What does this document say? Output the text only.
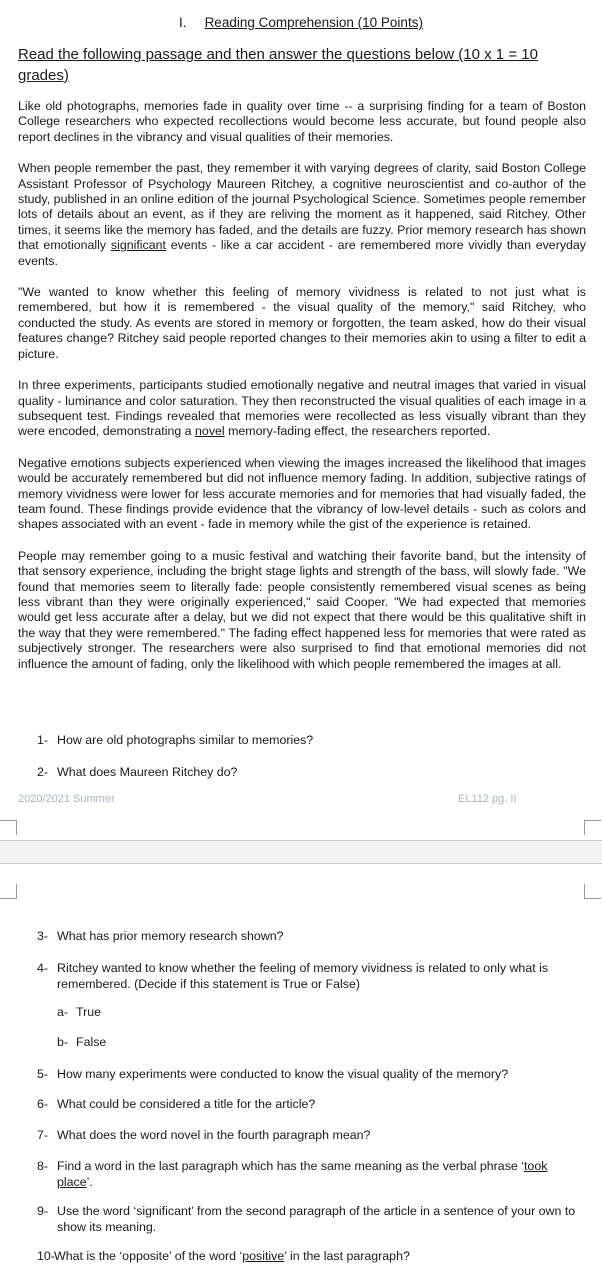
I. Reading Comprehension (10 Points)
Read the following passage and then answer the questions below (10 x 1 = 10 grades)

Like old photographs, memories fade in quality over time -- a surprising finding for a team of Boston College researchers who expected recollections would become less accurate, but found people also report declines in the vibrancy and visual qualities of their memories.

When people remember the past, they remember it with varying degrees of clarity, said Boston College Assistant Professor of Psychology Maureen Ritchey, a cognitive neuroscientist and co-author of the study, published in an online edition of the journal Psychological Science. Sometimes people remember lots of details about an event, as if they are reliving the moment as it happened, said Ritchey. Other times, it seems like the memory has faded, and the details are fuzzy. Prior memory research has shown that emotionally significant events - like a car accident - are remembered more vividly than everyday events.

"We wanted to know whether this feeling of memory vividness is related to not just what is remembered, but how it is remembered - the visual quality of the memory," said Ritchey, who conducted the study. As events are stored in memory or forgotten, the team asked, how do their visual features change? Ritchey said people reported changes to their memories akin to using a filter to edit a picture.

In three experiments, participants studied emotionally negative and neutral images that varied in visual quality - luminance and color saturation. They then reconstructed the visual qualities of each image in a subsequent test. Findings revealed that memories were recollected as less visually vibrant than they were encoded, demonstrating a novel memory-fading effect, the researchers reported.

Negative emotions subjects experienced when viewing the images increased the likelihood that images would be accurately remembered but did not influence memory fading. In addition, subjective ratings of memory vividness were lower for less accurate memories and for memories that had visually faded, the team found. These findings provide evidence that the vibrancy of low-level details - such as colors and shapes associated with an event - fade in memory while the gist of the experience is retained.

People may remember going to a music festival and watching their favorite band, but the intensity of that sensory experience, including the bright stage lights and strength of the bass, will slowly fade. "We found that memories seem to literally fade: people consistently remembered visual scenes as being less vibrant than they were originally experienced," said Cooper. "We had expected that memories would get less accurate after a delay, but we did not expect that there would be this qualitative shift in the way that they were remembered." The fading effect happened less for memories that were rated as subjectively stronger. The researchers were also surprised to find that emotional memories did not influence the amount of fading, only the likelihood with which people remembered the images at all.

1- How are old photographs similar to memories?
2- What does Maureen Ritchey do?
2020/2021 Summer	EL112 pg. II
3- What has prior memory research shown?
4- Ritchey wanted to know whether the feeling of memory vividness is related to only what is remembered. (Decide if this statement is True or False)
a- True
b- False
5- How many experiments were conducted to know the visual quality of the memory?
6- What could be considered a title for the article?
7- What does the word novel in the fourth paragraph mean?
8- Find a word in the last paragraph which has the same meaning as the verbal phrase ‘took place’.
9- Use the word ‘significant’ from the second paragraph of the article in a sentence of your own to show its meaning.
10-What is the ‘opposite’ of the word ‘positive’ in the last paragraph?
